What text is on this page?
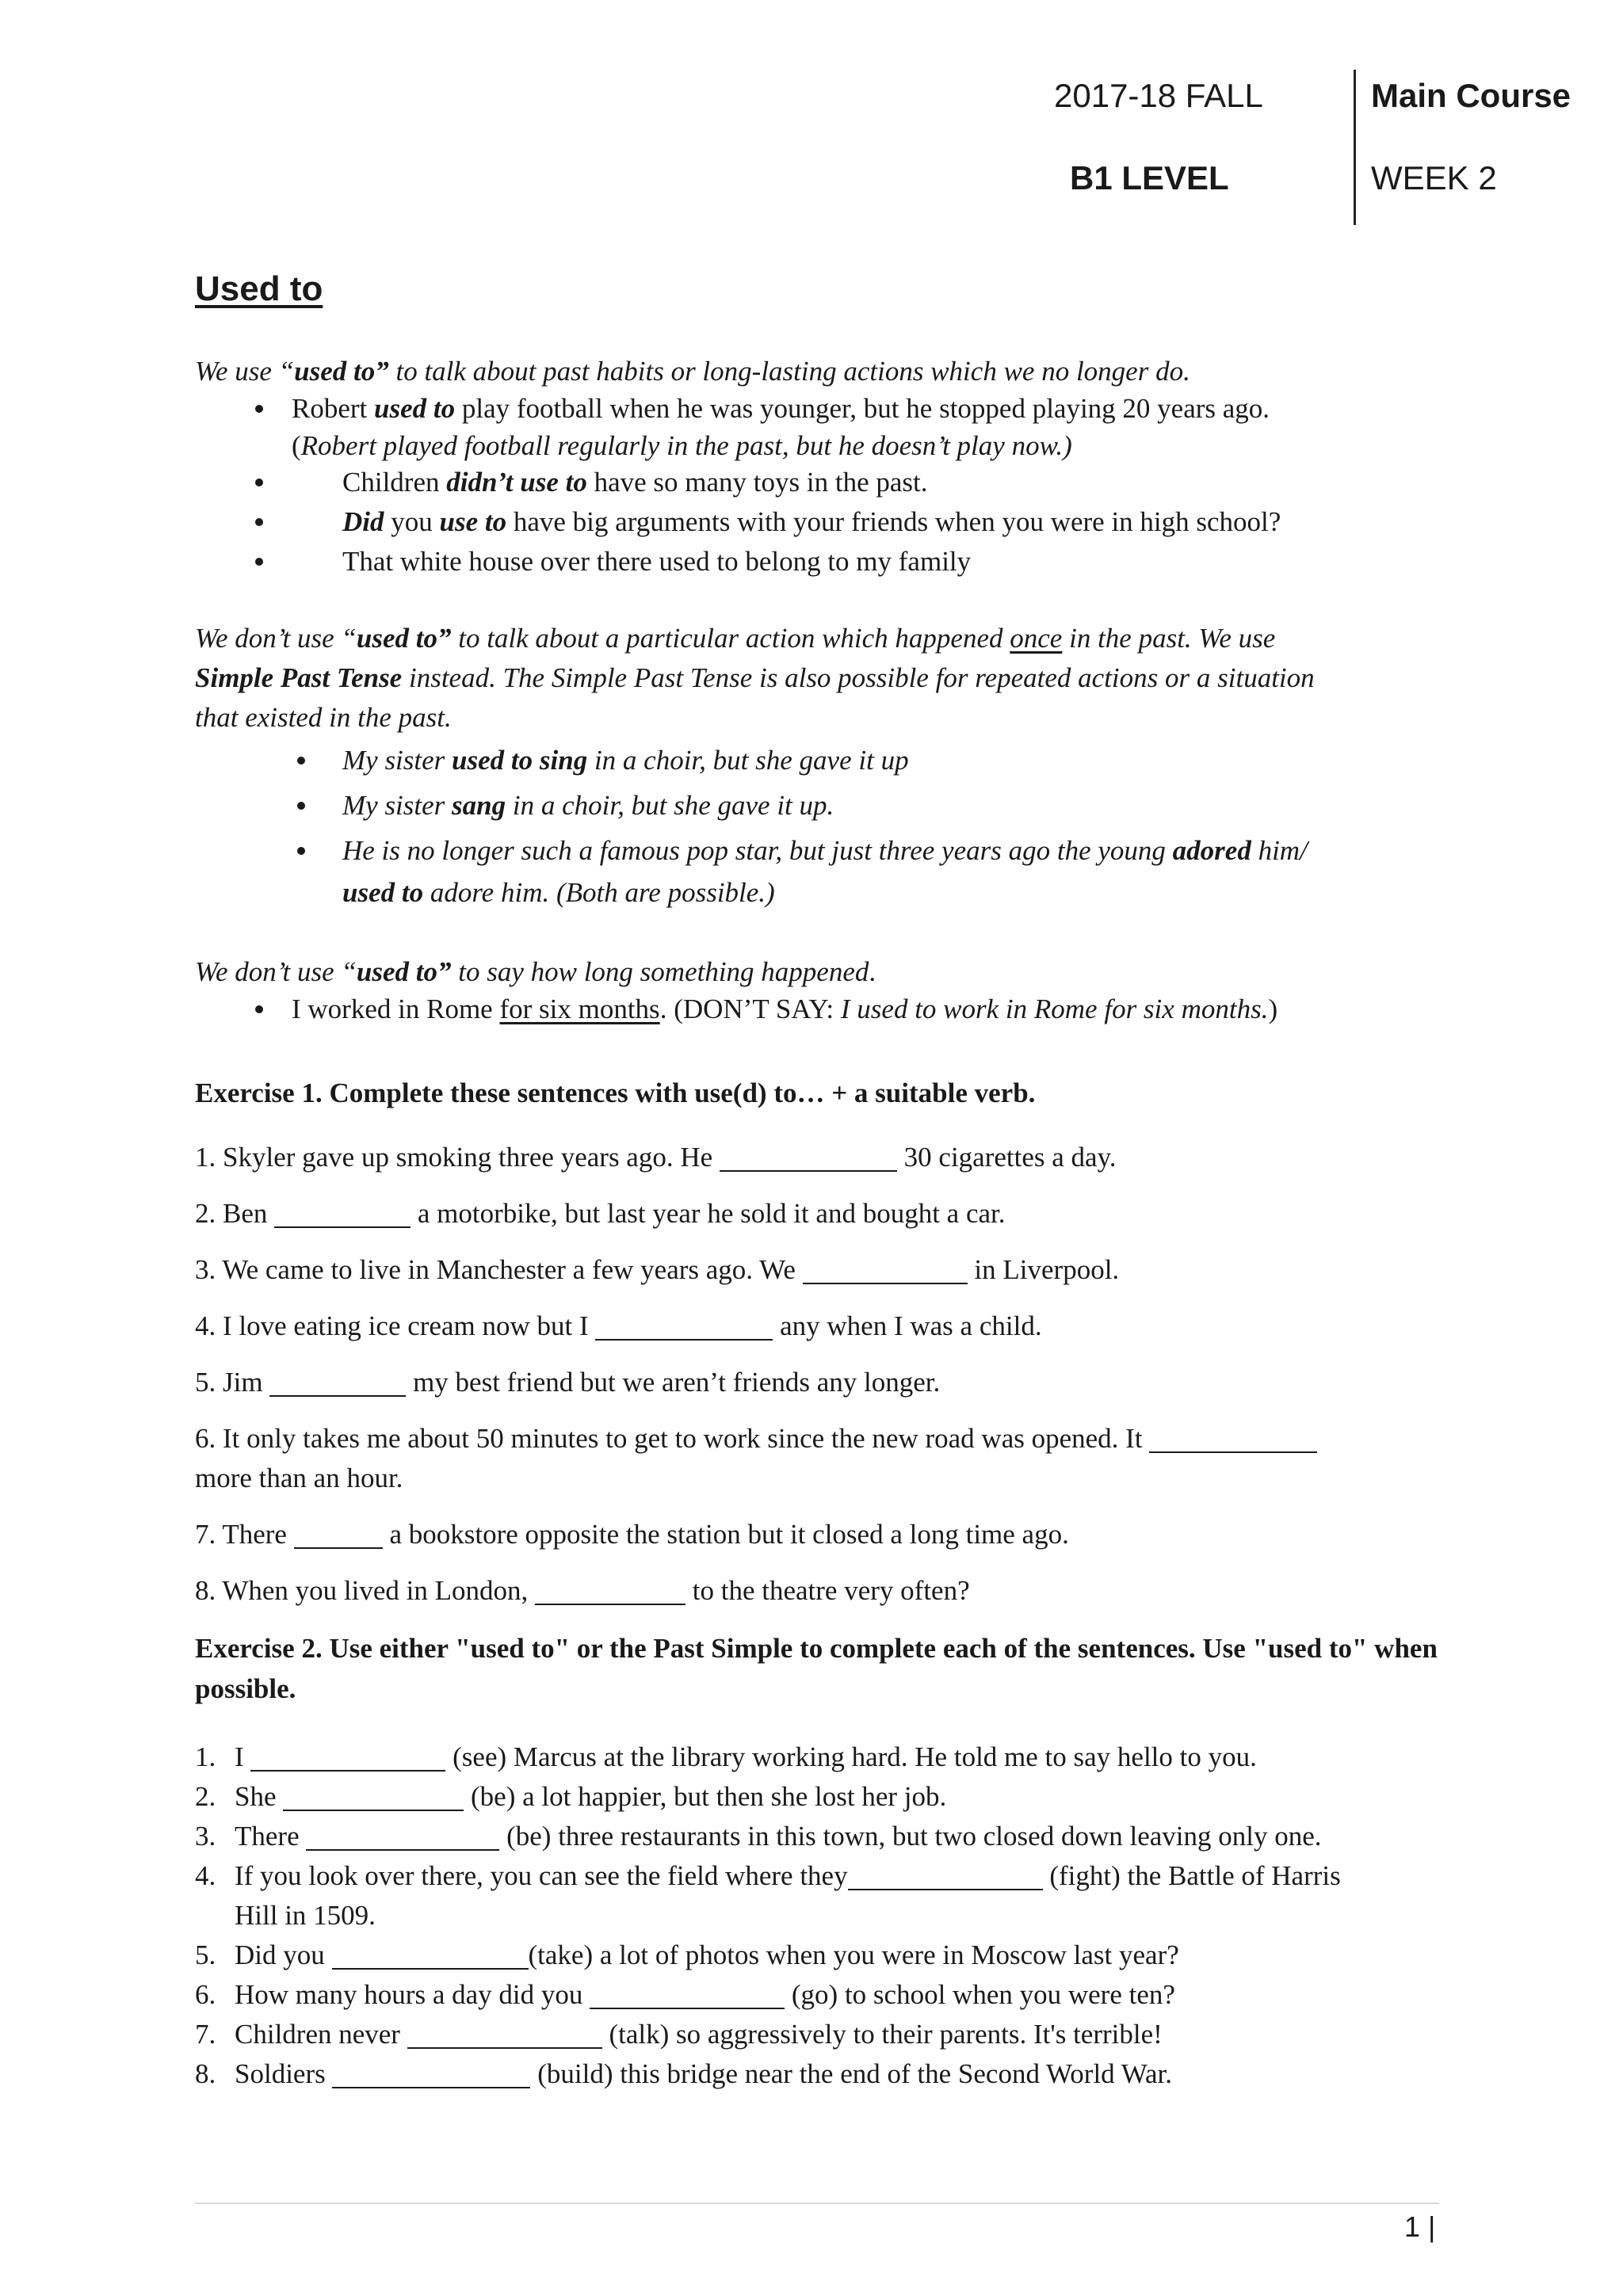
2017-18 FALL	Main Course
B1 LEVEL	WEEK 2
Used to
We use “used to” to talk about past habits or long-lasting actions which we no longer do.
Robert used to play football when he was younger, but he stopped playing 20 years ago.
(Robert played football regularly in the past, but he doesn’t play now.)
Children didn’t use to have so many toys in the past.
Did you use to have big arguments with your friends when you were in high school?
That white house over there used to belong to my family
We don’t use “used to” to talk about a particular action which happened once in the past. We use
Simple Past Tense instead. The Simple Past Tense is also possible for repeated actions or a situation
that existed in the past.
My sister used to sing in a choir, but she gave it up
My sister sang in a choir, but she gave it up.
He is no longer such a famous pop star, but just three years ago the young adored him/
used to adore him. (Both are possible.)
We don’t use “used to” to say how long something happened.
I worked in Rome for six months. (DON’T SAY: I used to work in Rome for six months.)
Exercise 1. Complete these sentences with use(d) to… + a suitable verb.
1. Skyler gave up smoking three years ago. He	30 cigarettes a day.
2. Ben	a motorbike, but last year he sold it and bought a car.
3. We came to live in Manchester a few years ago. We	in Liverpool.
4. I love eating ice cream now but I	any when I was a child.
5. Jim	my best friend but we aren’t friends any longer.
6. It only takes me about 50 minutes to get to work since the new road was opened. It
more than an hour.
7. There	a bookstore opposite the station but it closed a long time ago.
8. When you lived in London,	to the theatre very often?
Exercise 2. Use either "used to" or the Past Simple to complete each of the sentences. Use "used to" when possible.
1. I	(see) Marcus at the library working hard. He told me to say hello to you.
2. She	(be) a lot happier, but then she lost her job.
3. There	(be) three restaurants in this town, but two closed down leaving only one.
4. If you look over there, you can see the field where they	(fight) the Battle of Harris
Hill in 1509.
5. Did you	(take) a lot of photos when you were in Moscow last year?
6. How many hours a day did you	(go) to school when you were ten?
7. Children never	(talk) so aggressively to their parents. It's terrible!
8. Soldiers	(build) this bridge near the end of the Second World War.
1 |
